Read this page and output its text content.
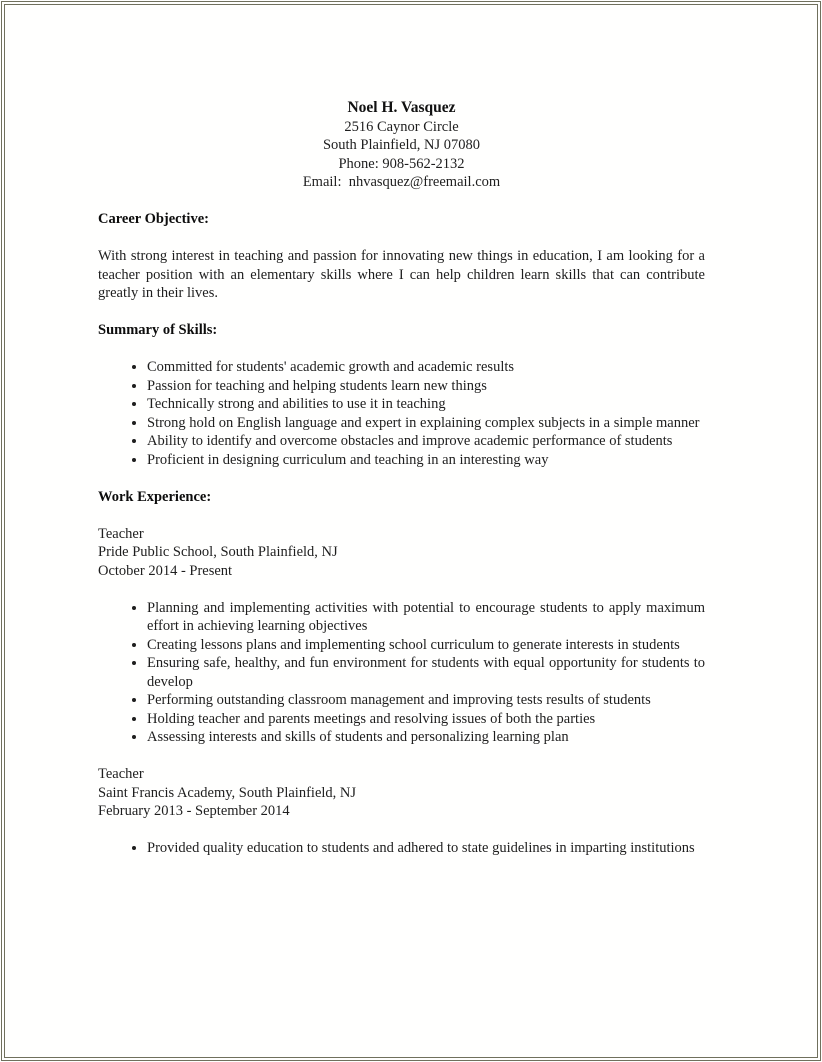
Noel H. Vasquez
2516 Caynor Circle
South Plainfield, NJ 07080
Phone: 908-562-2132
Email:  nhvasquez@freemail.com
Career Objective:

With strong interest in teaching and passion for innovating new things in education, I am looking for a teacher position with an elementary skills where I can help children learn skills that can contribute greatly in their lives.

Summary of Skills:
• Committed for students' academic growth and academic results
• Passion for teaching and helping students learn new things
• Technically strong and abilities to use it in teaching
• Strong hold on English language and expert in explaining complex subjects in a simple manner
• Ability to identify and overcome obstacles and improve academic performance of students
• Proficient in designing curriculum and teaching in an interesting way
Work Experience:
Teacher
Pride Public School, South Plainfield, NJ
October 2014 - Present
• Planning and implementing activities with potential to encourage students to apply maximum effort in achieving learning objectives
• Creating lessons plans and implementing school curriculum to generate interests in students
• Ensuring safe, healthy, and fun environment for students with equal opportunity for students to develop
• Performing outstanding classroom management and improving tests results of students
• Holding teacher and parents meetings and resolving issues of both the parties
• Assessing interests and skills of students and personalizing learning plan
Teacher
Saint Francis Academy, South Plainfield, NJ
February 2013 - September 2014
• Provided quality education to students and adhered to state guidelines in imparting institutions
